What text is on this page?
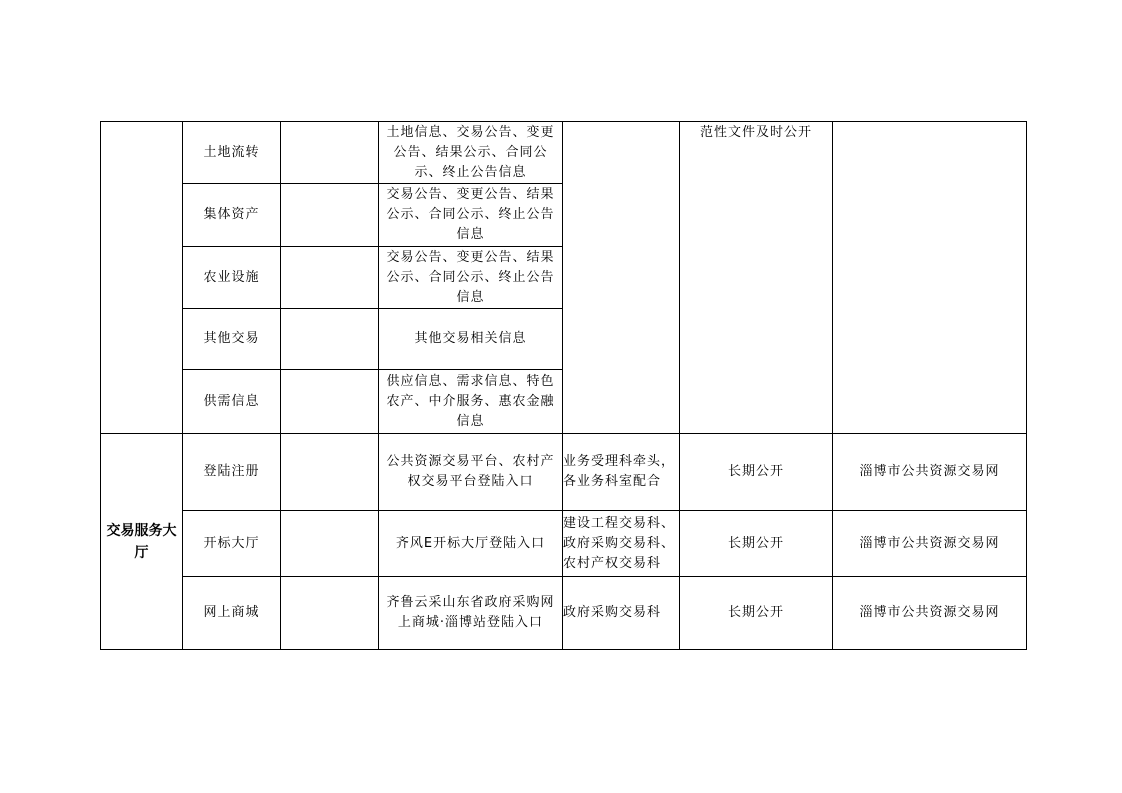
	土地流转		土地信息、交易公告、变更公告、结果公示、合同公示、终止公告信息		范性文件及时公开	
	集体资产		交易公告、变更公告、结果公示、合同公示、终止公告信息			
	农业设施		交易公告、变更公告、结果公示、合同公示、终止公告信息			
	其他交易		其他交易相关信息			
	供需信息		供应信息、需求信息、特色农产、中介服务、惠农金融信息			
交易服务大厅	登陆注册		公共资源交易平台、农村产权交易平台登陆入口	业务受理科牵头，各业务科室配合	长期公开	淄博市公共资源交易网
	开标大厅		齐风E开标大厅登陆入口	建设工程交易科、政府采购交易科、农村产权交易科	长期公开	淄博市公共资源交易网
	网上商城		齐鲁云采山东省政府采购网上商城·淄博站登陆入口	政府采购交易科	长期公开	淄博市公共资源交易网
